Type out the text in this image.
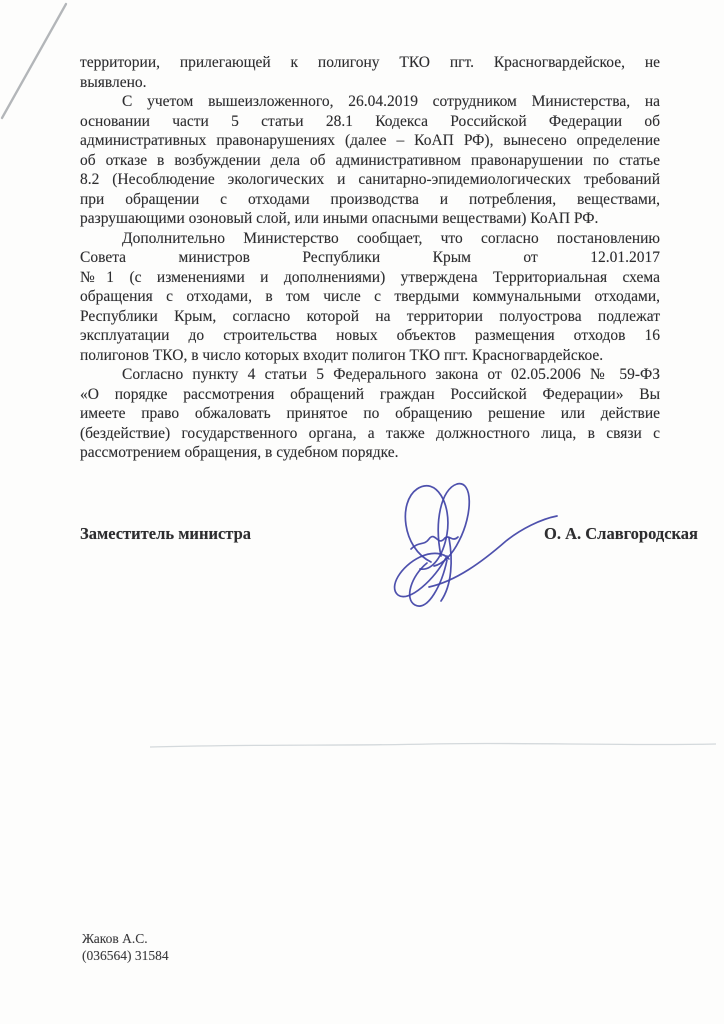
территории, прилегающей к полигону ТКО пгт. Красногвардейское, не
выявлено.
С учетом вышеизложенного, 26.04.2019 сотрудником Министерства, на
основании части 5 статьи 28.1 Кодекса Российской Федерации об
административных правонарушениях (далее – КоАП РФ), вынесено определение
об отказе в возбуждении дела об административном правонарушении по статье
8.2 (Несоблюдение экологических и санитарно-эпидемиологических требований
при обращении с отходами производства и потребления, веществами,
разрушающими озоновый слой, или иными опасными веществами) КоАП РФ.
Дополнительно Министерство сообщает, что согласно постановлению
Совета министров Республики Крым от 12.01.2017
№1 (с изменениями и дополнениями) утверждена Территориальная схема
обращения с отходами, в том числе с твердыми коммунальными отходами,
Республики Крым, согласно которой на территории полуострова подлежат
эксплуатации до строительства новых объектов размещения отходов 16
полигонов ТКО, в число которых входит полигон ТКО пгт. Красногвардейское.
Согласно пункту 4 статьи 5 Федерального закона от 02.05.2006 № 59-ФЗ
«О порядке рассмотрения обращений граждан Российской Федерации» Вы
имеете право обжаловать принятое по обращению решение или действие
(бездействие) государственного органа, а также должностного лица, в связи с
рассмотрением обращения, в судебном порядке.
Заместитель министра	О. А. Славгородская
Жаков А.С.
(036564) 31584
